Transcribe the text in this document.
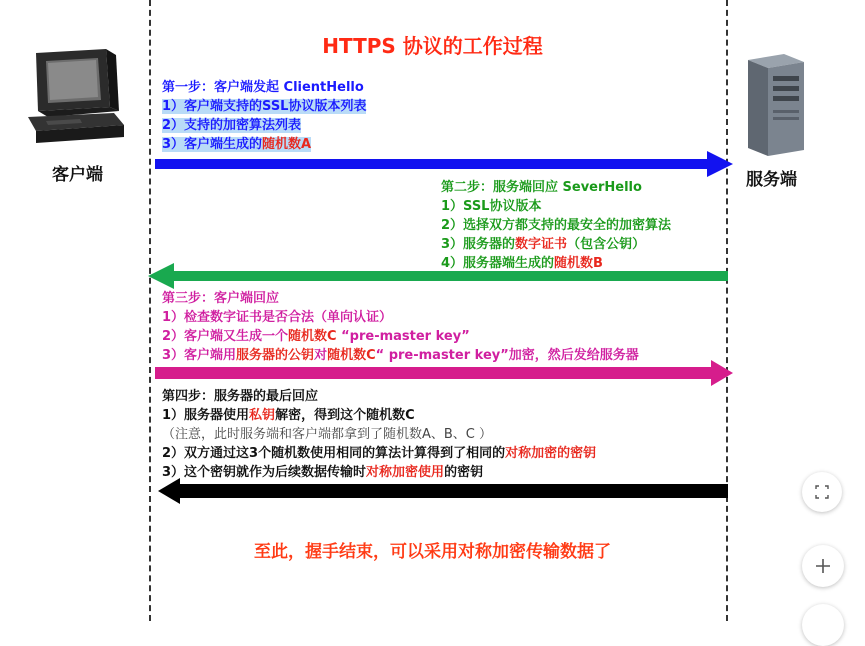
HTTPS 协议的工作过程
客户端	服务端
第一步：客户端发起 ClientHello
1）客户端支持的SSL协议版本列表
2）支持的加密算法列表
3）客户端生成的随机数A
第二步：服务端回应 SeverHello
1）SSL协议版本
2）选择双方都支持的最安全的加密算法
3）服务器的数字证书（包含公钥）
4）服务器端生成的随机数B
第三步：客户端回应
1）检查数字证书是否合法（单向认证）
2）客户端又生成一个随机数C “pre-master key”
3）客户端用服务器的公钥对随机数C“ pre-master key”加密，然后发给服务器
第四步：服务器的最后回应
1）服务器使用私钥解密，得到这个随机数C
（注意，此时服务端和客户端都拿到了随机数A、B、C ）
2）双方通过这3个随机数使用相同的算法计算得到了相同的对称加密的密钥
3）这个密钥就作为后续数据传输时对称加密使用的密钥
至此，握手结束，可以采用对称加密传输数据了
